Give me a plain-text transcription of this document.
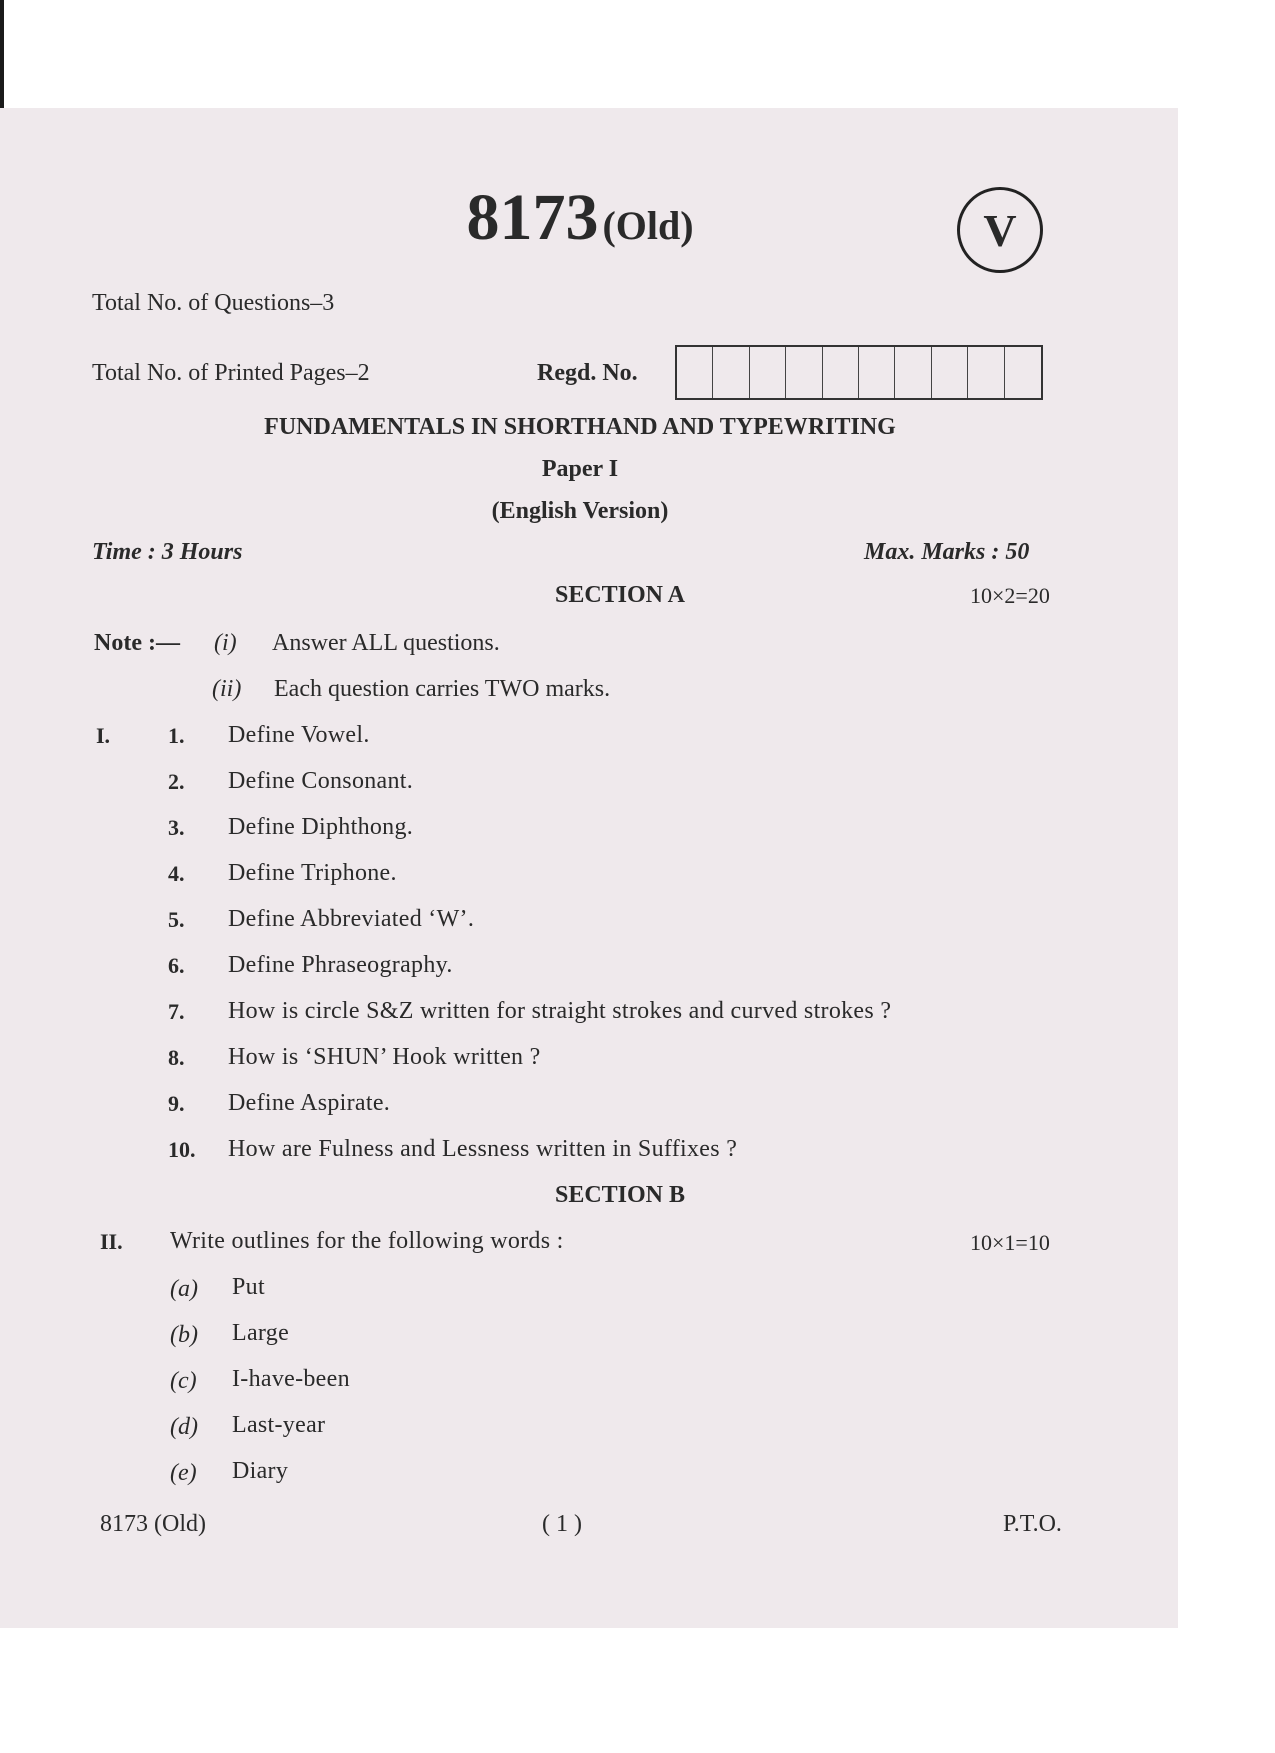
8173 (Old)	V
Total No. of Questions–3
Total No. of Printed Pages–2	Regd. No.
FUNDAMENTALS IN SHORTHAND AND TYPEWRITING
Paper I
(English Version)
Time : 3 Hours	Max. Marks : 50
SECTION A	10×2=20
Note :— (i) Answer ALL questions.
(ii) Each question carries TWO marks.
I.	1. Define Vowel.
2. Define Consonant.
3. Define Diphthong.
4. Define Triphone.
5. Define Abbreviated ‘W’.
6. Define Phraseography.
7. How is circle S&Z written for straight strokes and curved strokes ?
8. How is ‘SHUN’ Hook written ?
9. Define Aspirate.
10. How are Fulness and Lessness written in Suffixes ?
SECTION B
II. Write outlines for the following words :	10×1=10
(a) Put
(b) Large
(c) I-have-been
(d) Last-year
(e) Diary
8173 (Old)	( 1 )	P.T.O.
